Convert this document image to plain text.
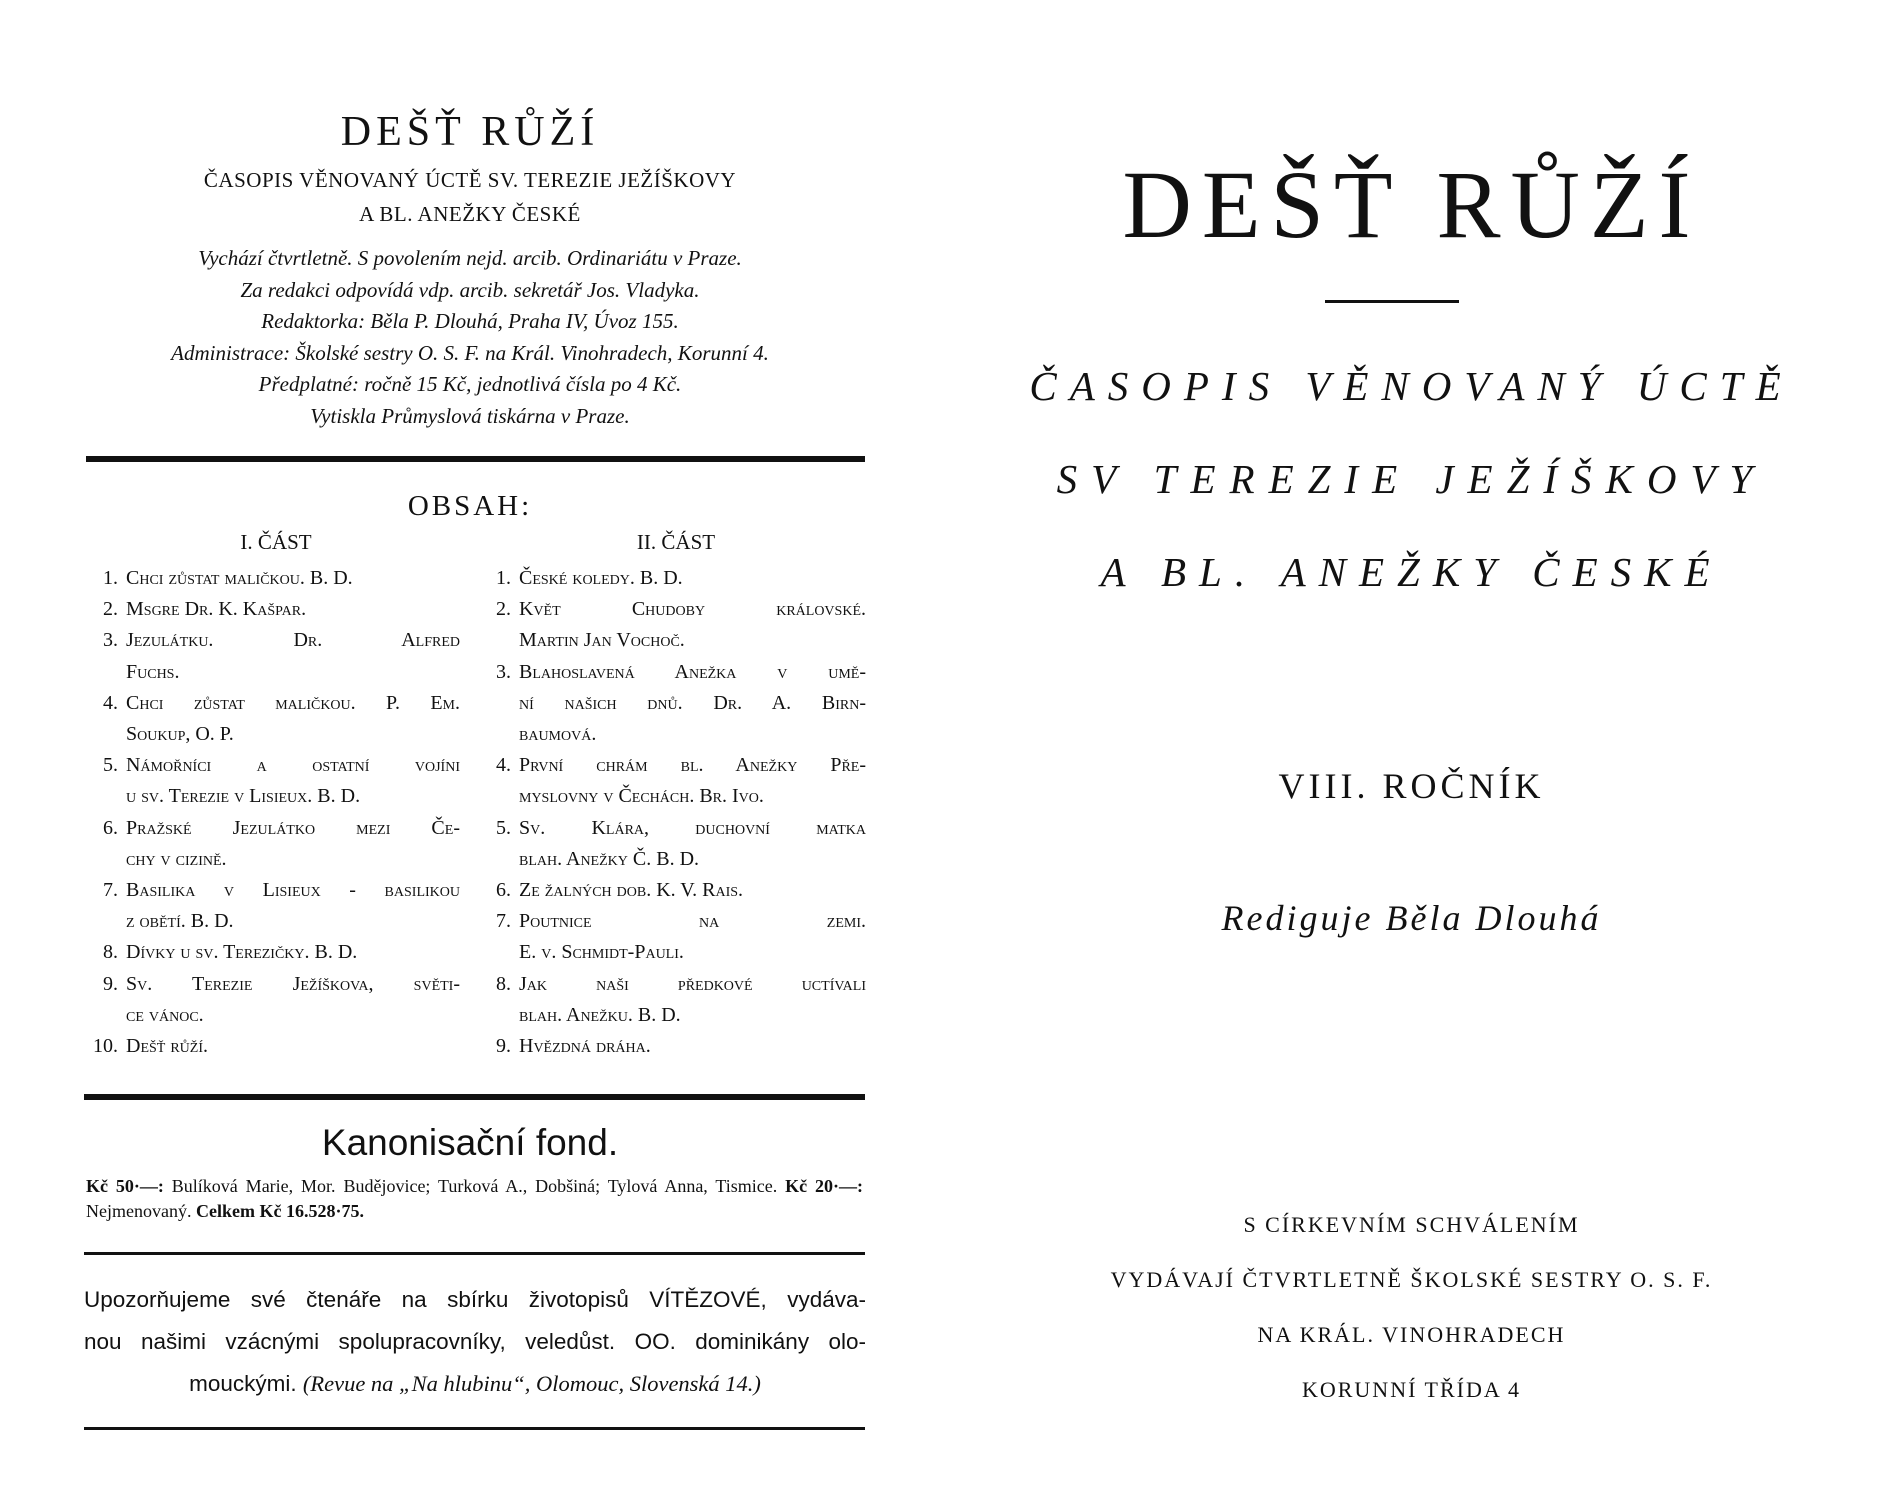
DEŠŤ RŮŽÍ
ČASOPIS VĚNOVANÝ ÚCTĚ SV. TEREZIE JEŽÍŠKOVY
A BL. ANEŽKY ČESKÉ
Vychází čtvrtletně. S povolením nejd. arcib. Ordinariátu v Praze.
Za redakci odpovídá vdp. arcib. sekretář Jos. Vladyka.
Redaktorka: Běla P. Dlouhá, Praha IV, Úvoz 155.
Administrace: Školské sestry O. S. F. na Král. Vinohradech, Korunní 4.
Předplatné: ročně 15 Kč, jednotlivá čísla po 4 Kč.
Vytiskla Průmyslová tiskárna v Praze.
OBSAH:
I. ČÁST	II. ČÁST
1. Chci zůstat maličkou. B. D.
2. Msgre Dr. K. Kašpar.
3. Jezulátku. Dr. Alfred
Fuchs.
4. Chci zůstat maličkou. P. Em.
Soukup, O. P.
5. Námořníci a ostatní vojíni
u sv. Terezie v Lisieux. B. D.
6. Pražské Jezulátko mezi Če-
chy v cizině.
7. Basilika v Lisieux - basilikou
z obětí. B. D.
8. Dívky u sv. Terezičky. B. D.
9. Sv. Terezie Ježíškova, světi-
ce vánoc.
10. Dešť růží.
1. České koledy. B. D.
2. Květ Chudoby královské.
Martin Jan Vochoč.
3. Blahoslavená Anežka v umě-
ní našich dnů. Dr. A. Birn-
baumová.
4. První chrám bl. Anežky Pře-
myslovny v Čechách. Br. Ivo.
5. Sv. Klára, duchovní matka
blah. Anežky Č. B. D.
6. Ze žalných dob. K. V. Rais.
7. Poutnice na zemi.
E. v. Schmidt-Pauli.
8. Jak naši předkové uctívali
blah. Anežku. B. D.
9. Hvězdná dráha.
Kanonisační fond.
Kč 50·—: Bulíková Marie, Mor. Budějovice; Turková A., Dobšiná; Tylová Anna, Tismice. Kč 20·—: Nejmenovaný. Celkem Kč 16.528·75.
Upozorňujeme své čtenáře na sbírku životopisů VÍTĚZOVÉ, vydáva-
nou našimi vzácnými spolupracovníky, veledůst. OO. dominikány olo-
mouckými. (Revue na „Na hlubinu“, Olomouc, Slovenská 14.)
DEŠŤ RŮŽÍ
ČASOPIS VĚNOVANÝ ÚCTĚ
SV TEREZIE JEŽÍŠKOVY
A BL. ANEŽKY ČESKÉ
VIII. ROČNÍK
Rediguje Běla Dlouhá
S CÍRKEVNÍM SCHVÁLENÍM
VYDÁVAJÍ ČTVRTLETNĚ ŠKOLSKÉ SESTRY O. S. F.
NA KRÁL. VINOHRADECH
KORUNNÍ TŘÍDA 4
